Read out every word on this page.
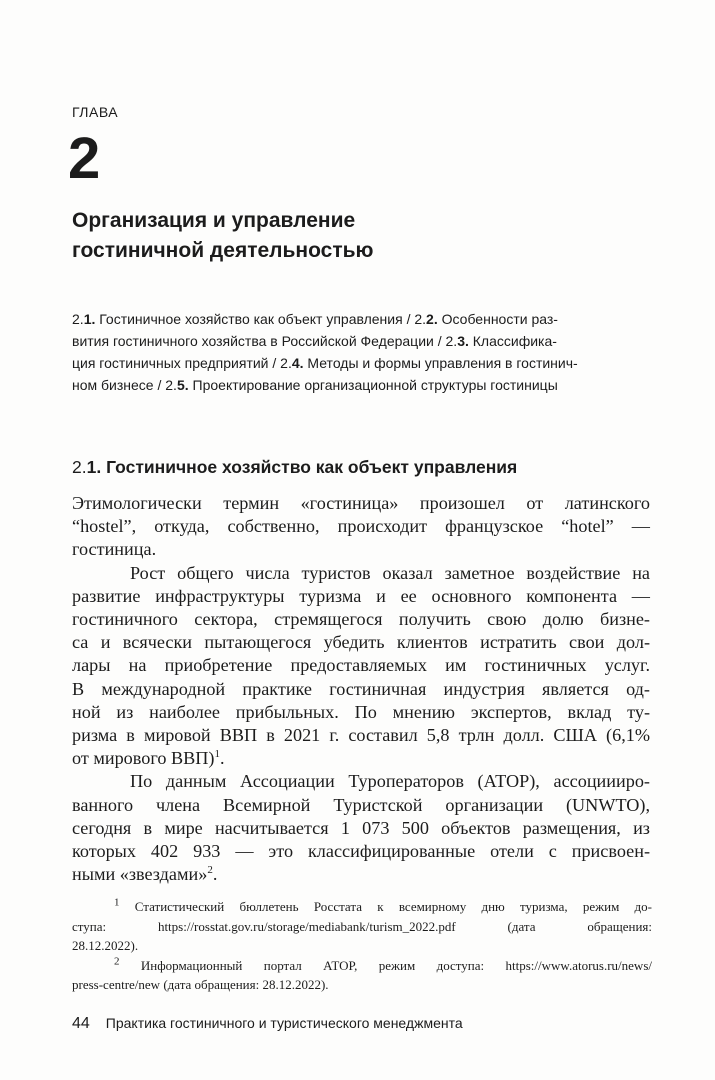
ГЛАВА
2
Организация и управление
гостиничной деятельностью
2.1. Гостиничное хозяйство как объект управления / 2.2. Особенности раз-
вития гостиничного хозяйства в Российской Федерации / 2.3. Классифика-
ция гостиничных предприятий / 2.4. Методы и формы управления в гостинич-
ном бизнесе / 2.5. Проектирование организационной структуры гостиницы
2.1. Гостиничное хозяйство как объект управления
Этимологически термин «гостиница» произошел от латинского
“hostel”, откуда, собственно, происходит французское “hotel” —
гостиница.
Рост общего числа туристов оказал заметное воздействие на
развитие инфраструктуры туризма и ее основного компонента —
гостиничного сектора, стремящегося получить свою долю бизне-
са и всячески пытающегося убедить клиентов истратить свои дол-
лары на приобретение предоставляемых им гостиничных услуг.
В международной практике гостиничная индустрия является од-
ной из наиболее прибыльных. По мнению экспертов, вклад ту-
ризма в мировой ВВП в 2021 г. составил 5,8 трлн долл. США (6,1%
от мирового ВВП)$^1$.
По данным Ассоциации Туроператоров (АТОР), ассоциииро-
ванного члена Всемирной Туристской организации (UNWTO),
сегодня в мире насчитывается 1 073 500 объектов размещения, из
которых 402 933 — это классифицированные отели с присвоен-
ными «звездами»$^2$.
$^1$ Статистический бюллетень Росстата к всемирному дню туризма, режим до-
ступа: https://rosstat.gov.ru/storage/mediabank/turism_2022.pdf (дата обращения:
28.12.2022).
$^2$ Информационный портал АТОР, режим доступа: https://www.atorus.ru/news/
press-centre/new (дата обращения: 28.12.2022).
44 Практика гостиничного и туристического менеджмента
